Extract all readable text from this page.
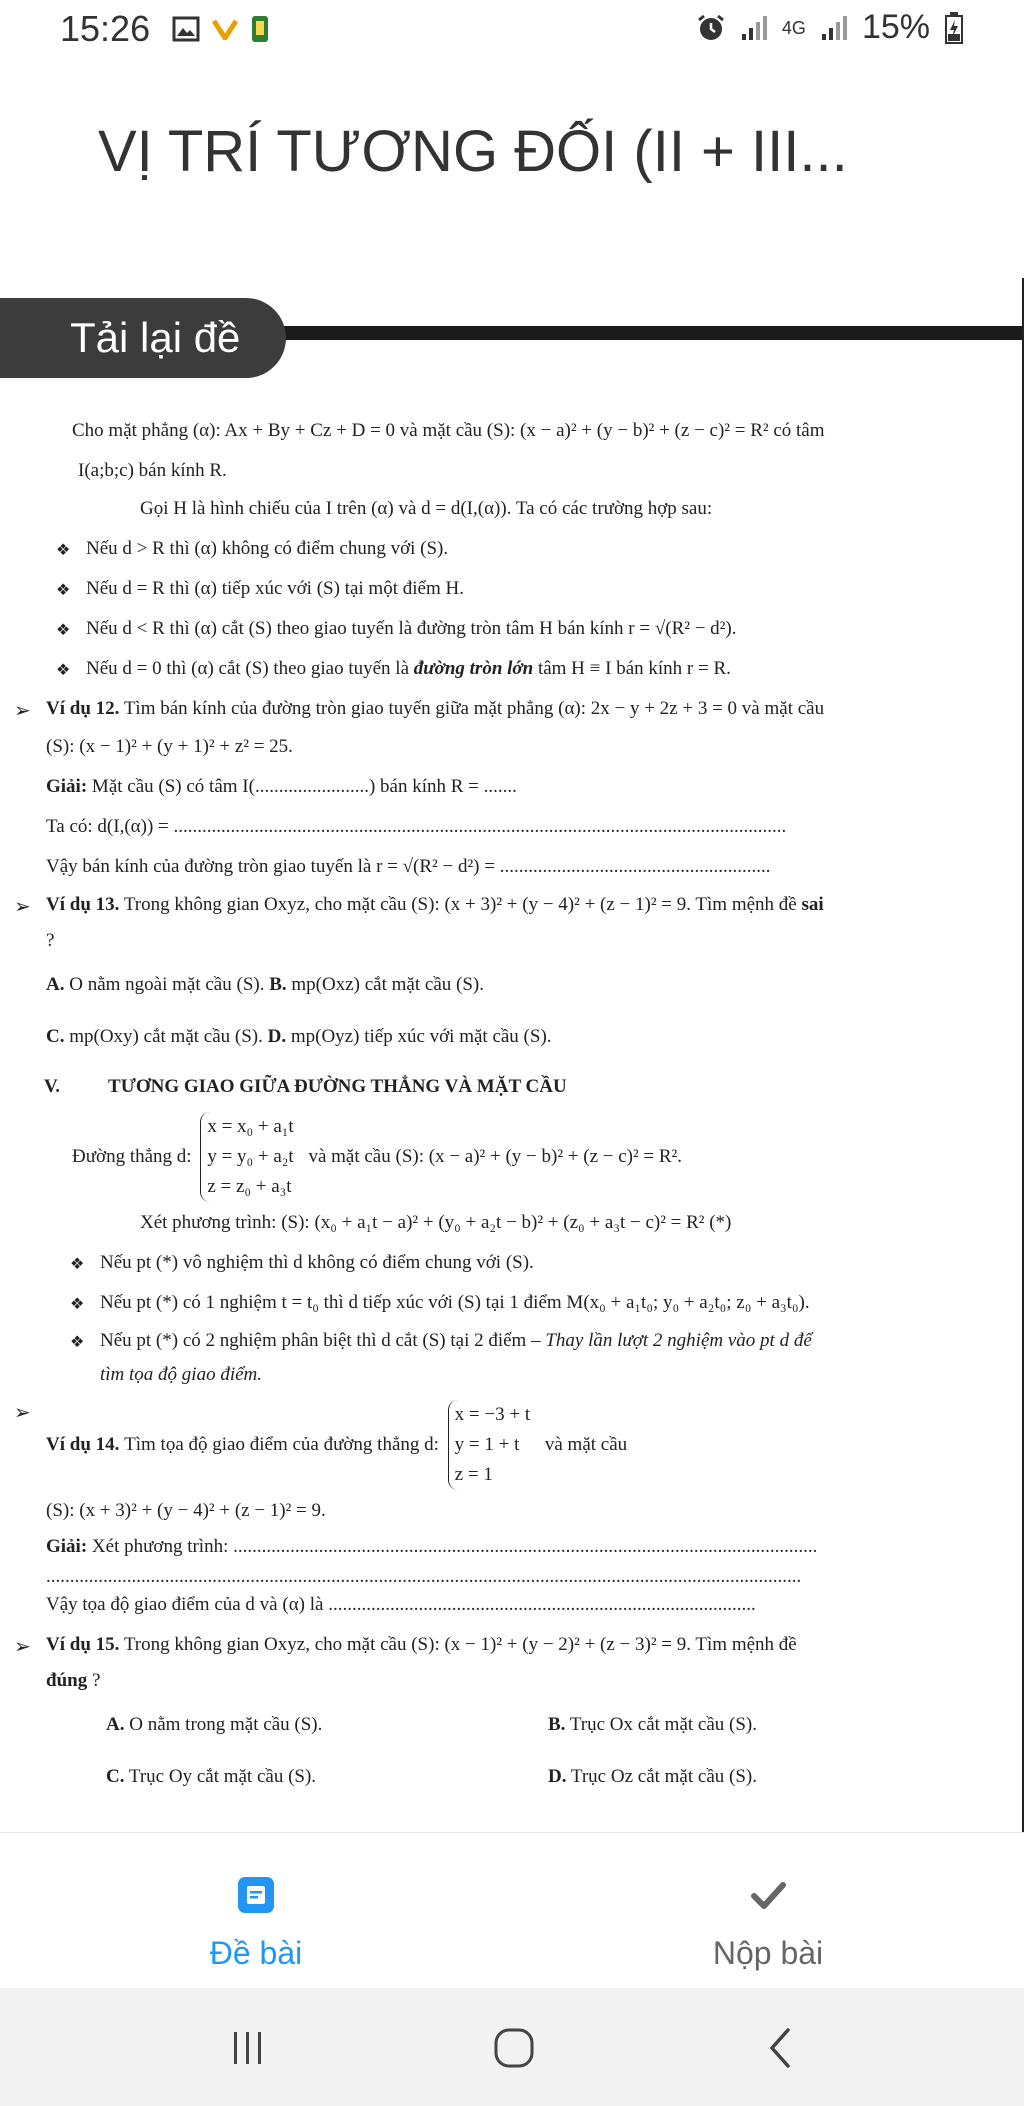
15:26	4G 15%
VỊ TRÍ TƯƠNG ĐỐI (II + III...
Tải lại đề
Cho mặt phẳng (α): Ax + By + Cz + D = 0 và mặt cầu (S): (x − a)² + (y − b)² + (z − c)² = R² có tâm
I(a;b;c) bán kính R.
Gọi H là hình chiếu của I trên (α) và d = d(I,(α)). Ta có các trường hợp sau:
❖ Nếu d > R thì (α) không có điểm chung với (S).
❖ Nếu d = R thì (α) tiếp xúc với (S) tại một điểm H.
❖ Nếu d < R thì (α) cắt (S) theo giao tuyến là đường tròn tâm H bán kính r = √(R² − d²).
❖ Nếu d = 0 thì (α) cắt (S) theo giao tuyến là đường tròn lớn tâm H ≡ I bán kính r = R.
➢ Ví dụ 12. Tìm bán kính của đường tròn giao tuyến giữa mặt phẳng (α): 2x − y + 2z + 3 = 0 và mặt cầu
(S): (x − 1)² + (y + 1)² + z² = 25.
Giải: Mặt cầu (S) có tâm I(........................) bán kính R = .......
Ta có: d(I,(α)) = .................................................................................................................................
Vậy bán kính của đường tròn giao tuyến là r = √(R² − d²) = .........................................................
➢ Ví dụ 13. Trong không gian Oxyz, cho mặt cầu (S): (x + 3)² + (y − 4)² + (z − 1)² = 9. Tìm mệnh đề sai
?
A. O nằm ngoài mặt cầu (S). B. mp(Oxz) cắt mặt cầu (S).
C. mp(Oxy) cắt mặt cầu (S). D. mp(Oyz) tiếp xúc với mặt cầu (S).
V.	TƯƠNG GIAO GIỮA ĐƯỜNG THẲNG VÀ MẶT CẦU
Đường thẳng d:
x = x₀ + a₁t
y = y₀ + a₂t
z = z₀ + a₃t
và mặt cầu (S): (x − a)² + (y − b)² + (z − c)² = R².
Xét phương trình: (S): (x₀ + a₁t − a)² + (y₀ + a₂t − b)² + (z₀ + a₃t − c)² = R² (*)
❖ Nếu pt (*) vô nghiệm thì d không có điểm chung với (S).
❖ Nếu pt (*) có 1 nghiệm t = t₀ thì d tiếp xúc với (S) tại 1 điểm M(x₀ + a₁t₀; y₀ + a₂t₀; z₀ + a₃t₀).
❖ Nếu pt (*) có 2 nghiệm phân biệt thì d cắt (S) tại 2 điểm – Thay lần lượt 2 nghiệm vào pt d để
tìm tọa độ giao điểm.
➢ Ví dụ 14. Tìm tọa độ giao điểm của đường thẳng d:
x = −3 + t
y = 1 + t
z = 1
và mặt cầu
(S): (x + 3)² + (y − 4)² + (z − 1)² = 9.
Giải: Xét phương trình: ...........................................................................................................................
...............................................................................................................................................................
Vậy tọa độ giao điểm của d và (α) là ..........................................................................................
➢ Ví dụ 15. Trong không gian Oxyz, cho mặt cầu (S): (x − 1)² + (y − 2)² + (z − 3)² = 9. Tìm mệnh đề
đúng ?
A. O nằm trong mặt cầu (S).	B. Trục Ox cắt mặt cầu (S).
C. Trục Oy cắt mặt cầu (S).	D. Trục Oz cắt mặt cầu (S).
Đề bài	Nộp bài
